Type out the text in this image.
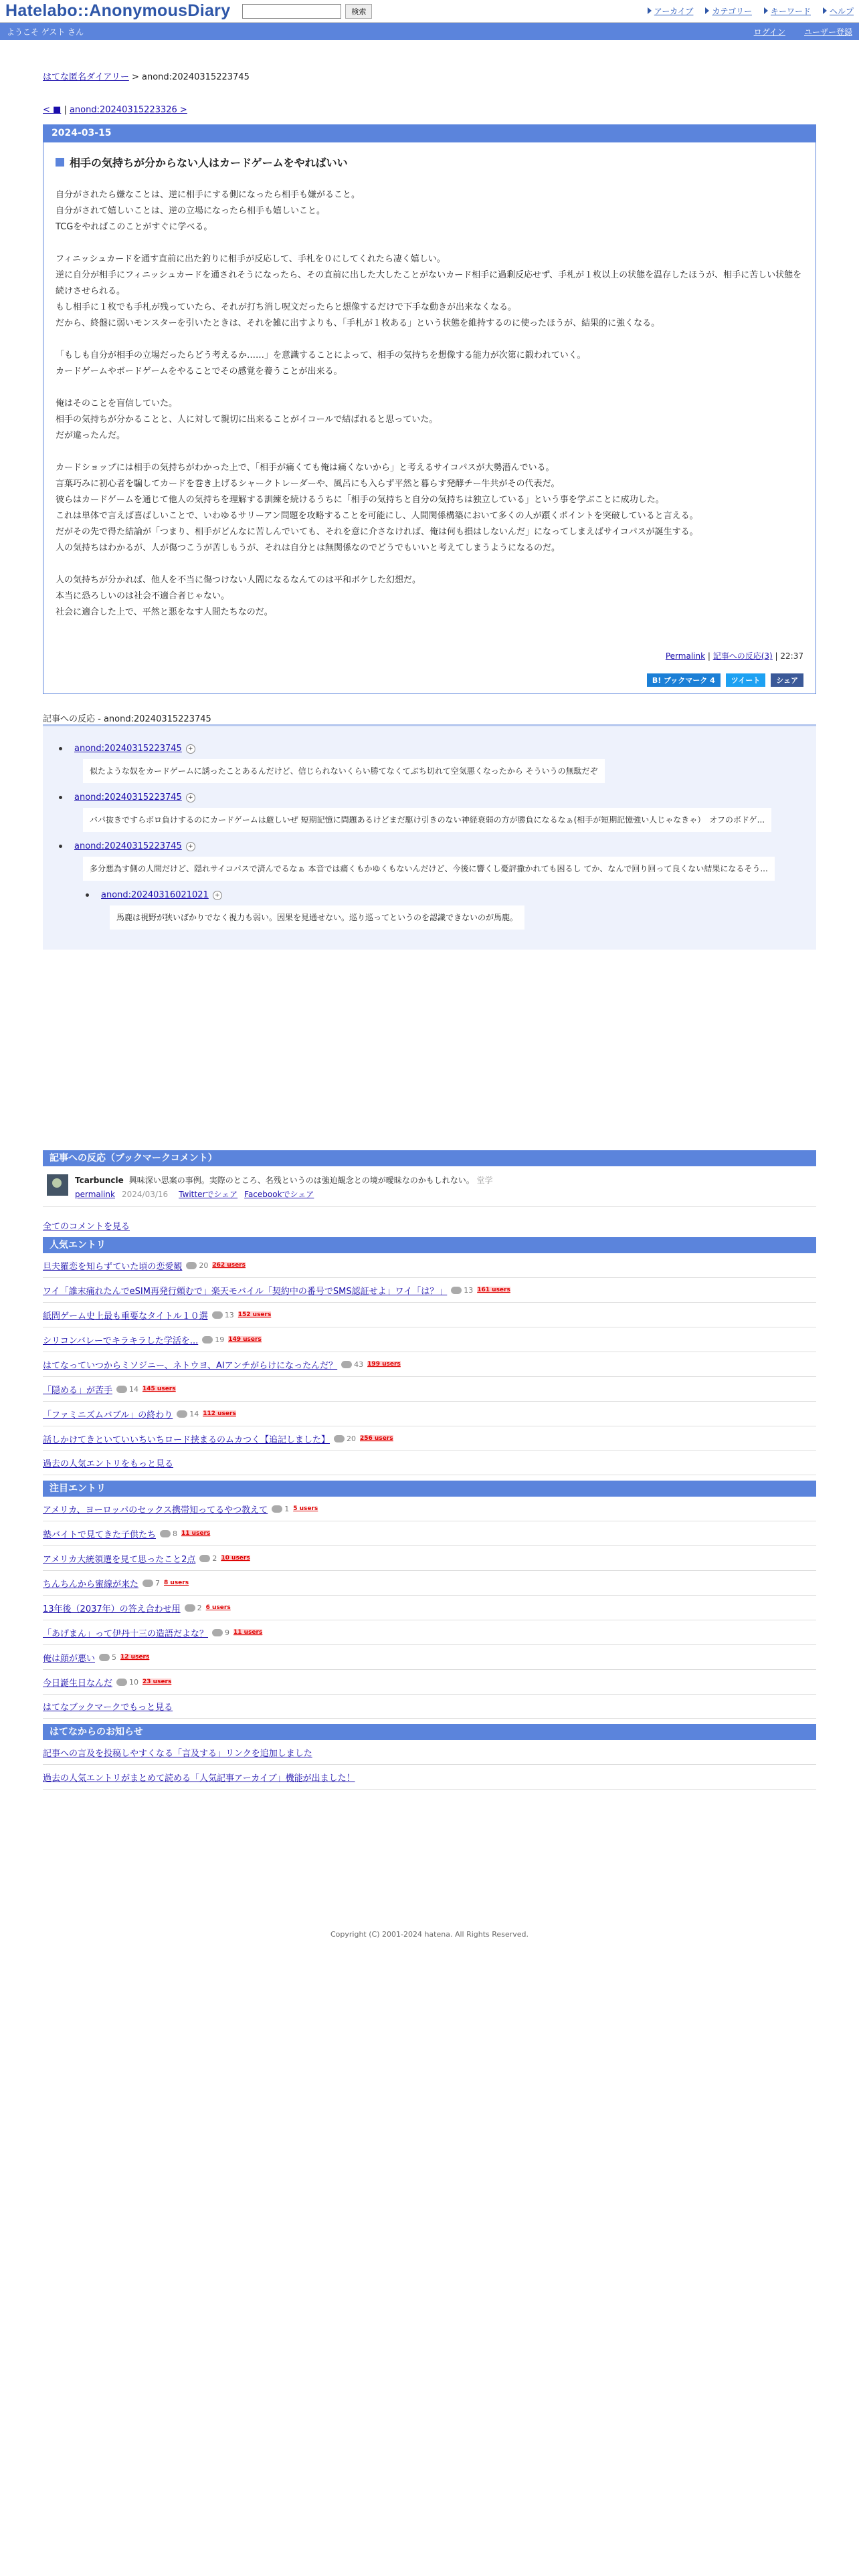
Hatelabo::AnonymousDiary	検索	アーカイブ	カテゴリー	キーワード	ヘルプ
ようこそ ゲスト さん	ログイン ユーザー登録
はてな匿名ダイアリー > anond:20240315223745
< ■ | anond:20240315223326 >
2024-03-15
相手の気持ちが分からない人はカードゲームをやればいい

自分がされたら嫌なことは、逆に相手にする側になったら相手も嫌がること。

自分がされて嬉しいことは、逆の立場になったら相手も嬉しいこと。

TCGをやればこのことがすぐに学べる。

フィニッシュカードを通す直前に出た釣りに相手が反応して、手札を０にしてくれたら凄く嬉しい。

逆に自分が相手にフィニッシュカードを通されそうになったら、その直前に出した大したことがないカード相手に過剰反応せず、手札が１枚以上の状態を温存したほうが、相手に苦しい状態を続けさせられる。

もし相手に１枚でも手札が残っていたら、それが打ち消し呪文だったらと想像するだけで下手な動きが出来なくなる。

だから、終盤に弱いモンスターを引いたときは、それを雑に出すよりも、「手札が１枚ある」という状態を維持するのに使ったほうが、結果的に強くなる。

「もしも自分が相手の立場だったらどう考えるか……」を意識することによって、相手の気持ちを想像する能力が次第に鍛われていく。

カードゲームやボードゲームをやることでその感覚を養うことが出来る。

俺はそのことを盲信していた。

相手の気持ちが分かることと、人に対して親切に出来ることがイコールで結ばれると思っていた。

だが違ったんだ。

カードショップには相手の気持ちがわかった上で、「相手が痛くても俺は痛くないから」と考えるサイコパスが大勢潜んでいる。

言葉巧みに初心者を騙してカードを巻き上げるシャークトレーダーや、風呂にも入らず平然と暮らす発酵チー牛共がその代表だ。

彼らはカードゲームを通じて他人の気持ちを理解する訓練を続けるうちに「相手の気持ちと自分の気持ちは独立している」という事を学ぶことに成功した。

これは単体で言えば喜ばしいことで、いわゆるサリーアン問題を攻略することを可能にし、人間関係構築において多くの人が躓くポイントを突破していると言える。

だがその先で得た結論が「つまり、相手がどんなに苦しんでいても、それを意に介さなければ、俺は何も損はしないんだ」になってしまえばサイコパスが誕生する。

人の気持ちはわかるが、人が傷つこうが苦しもうが、それは自分とは無関係なのでどうでもいいと考えてしまうようになるのだ。

人の気持ちが分かれば、他人を不当に傷つけない人間になるなんてのは平和ボケした幻想だ。

本当に恐ろしいのは社会不適合者じゃない。

社会に適合した上で、平然と悪をなす人間たちなのだ。

Permalink | 記事への反応(3) | 22:37
B! ブックマーク 4	ツイート	シェア
記事への反応 - anond:20240315223745
anond:20240315223745	+
似たような奴をカードゲームに誘ったことあるんだけど、信じられないくらい勝てなくてぶち切れて空気悪くなったから そういうの無駄だぞ
anond:20240315223745	+
バパ抜きですらボロ負けするのにカードゲームは厳しいぜ 短期記憶に問題あるけどまだ駆け引きのない神経衰弱の方が勝負になるなぁ(相手が短期記憶強い人じゃなきゃ）　オフのボドゲ...
anond:20240315223745	+
多分悪為す側の人間だけど、隠れサイコパスで済んでるなぁ 本音では痛くもかゆくもないんだけど、今後に響くし憂評撒かれても困るし てか、なんで回り回って良くない結果になるそう...
anond:20240316021021	+
馬鹿は視野が狭いばかりでなく視力も弱い。因果を見通せない。巡り巡ってというのを認識できないのが馬鹿。
記事への反応（ブックマークコメント）
Tcarbuncle 興味深い思案の事例。実際のところ、名残というのは強迫観念との境が曖昧なのかもしれない。 堂学
permalink 2024/03/16 Twitterでシェア Facebookでシェア
全てのコメントを見る
人気エントリ
旦夫羅恋を知らずていた頃の恋愛観 20 262 users
ワイ「誰末痛れたんでeSIM再発行頼むで」楽天モバイル「契約中の番号でSMS認証せよ」ワイ「は？」 13 161 users
紙問ゲーム史上最も重要なタイトル１０選 13 152 users
シリコンバレーでキラキラした学活を... 19 149 users
はてなっていつからミソジニー、ネトウヨ、AIアンチがらけになったんだ？ 43 199 users
「隠める」が苦手 14 145 users
「ファミニズムバブル」の終わり 14 112 users
話しかけてきといていいちいちロード挟まるのムカつく【追記しました】 20 256 users
過去の人気エントリをもっと見る
注目エントリ
アメリカ、ヨーロッパのセックス携帯知ってるやつ教えて 1 5 users
塾バイトで見てきた子供たち 8 11 users
アメリカ大統領選を見て思ったこと2点 2 10 users
ちんちんから蜜線が来た 7 8 users
13年後（2037年）の答え合わせ用 2 6 users
「あげまん」って伊丹十三の造語だよな？ 9 11 users
俺は顔が悪い 5 12 users
今日誕生日なんだ 10 23 users
はてなブックマークでもっと見る
はてなからのお知らせ
記事への言及を投稿しやすくなる「言及する」リンクを追加しました
過去の人気エントリがまとめて読める「人気記事アーカイブ」機能が出ました！
Copyright (C) 2001-2024 hatena. All Rights Reserved.
